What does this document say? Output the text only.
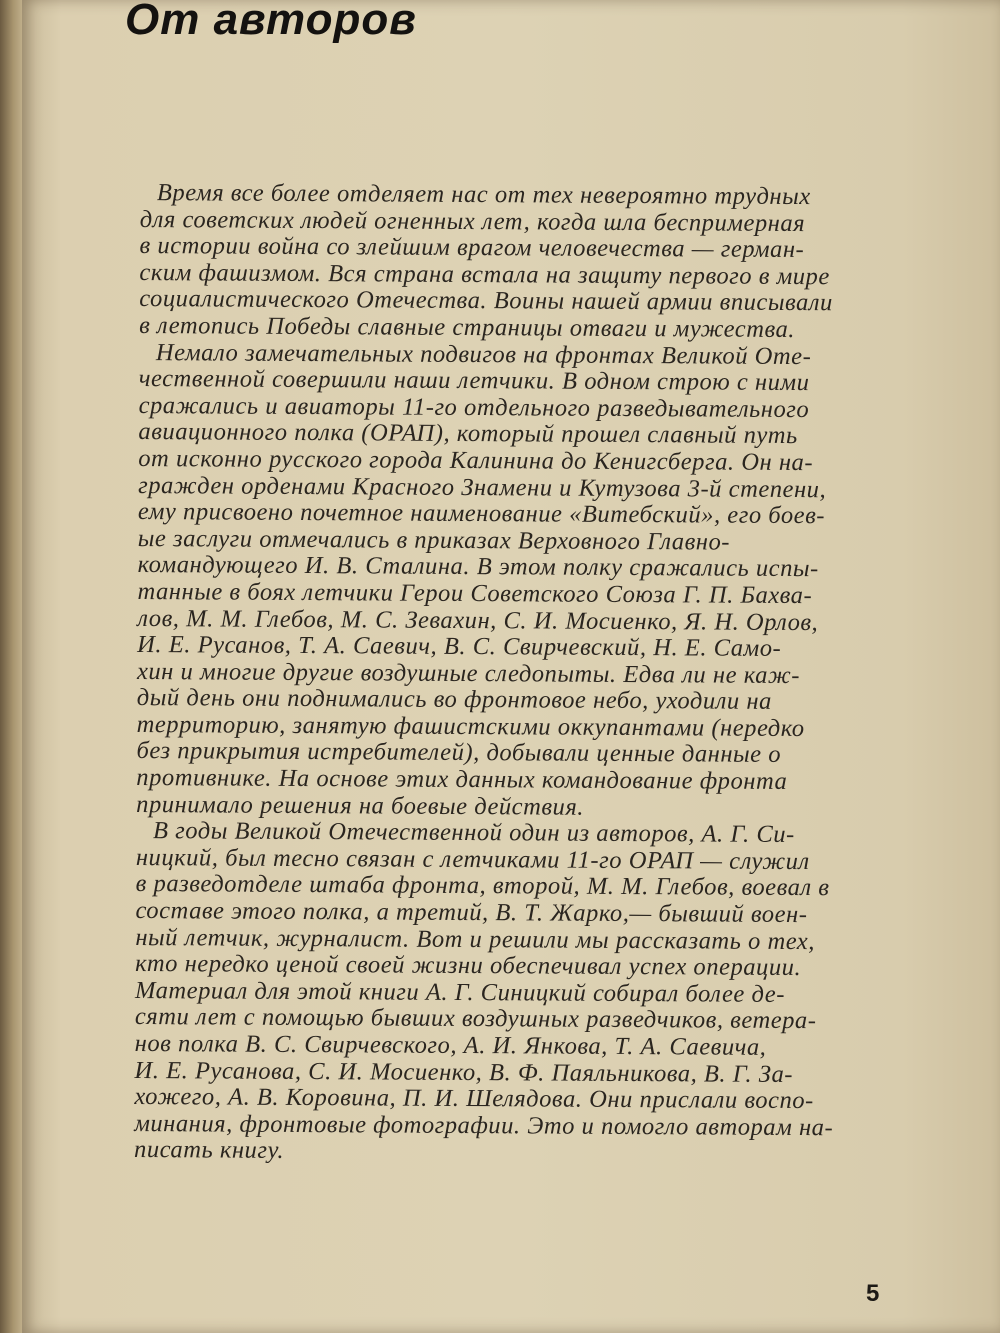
От авторов
Время все более отделяет нас от тех невероятно трудных
для советских людей огненных лет, когда шла беспримерная
в истории война со злейшим врагом человечества — герман-
ским фашизмом. Вся страна встала на защиту первого в мире
социалистического Отечества. Воины нашей армии вписывали
в летопись Победы славные страницы отваги и мужества.
Немало замечательных подвигов на фронтах Великой Оте-
чественной совершили наши летчики. В одном строю с ними
сражались и авиаторы 11-го отдельного разведывательного
авиационного полка (ОРАП), который прошел славный путь
от исконно русского города Калинина до Кенигсберга. Он на-
гражден орденами Красного Знамени и Кутузова 3-й степени,
ему присвоено почетное наименование «Витебский», его боев-
ые заслуги отмечались в приказах Верховного Главно-
командующего И. В. Сталина. В этом полку сражались испы-
танные в боях летчики Герои Советского Союза Г. П. Бахва-
лов, М. М. Глебов, М. С. Зевахин, С. И. Мосиенко, Я. Н. Орлов,
И. Е. Русанов, Т. А. Саевич, В. С. Свирчевский, Н. Е. Само-
хин и многие другие воздушные следопыты. Едва ли не каж-
дый день они поднимались во фронтовое небо, уходили на
территорию, занятую фашистскими оккупантами (нередко
без прикрытия истребителей), добывали ценные данные о
противнике. На основе этих данных командование фронта
принимало решения на боевые действия.
В годы Великой Отечественной один из авторов, А. Г. Си-
ницкий, был тесно связан с летчиками 11-го ОРАП — служил
в разведотделе штаба фронта, второй, М. М. Глебов, воевал в
составе этого полка, а третий, В. Т. Жарко,— бывший воен-
ный летчик, журналист. Вот и решили мы рассказать о тех,
кто нередко ценой своей жизни обеспечивал успех операции.
Материал для этой книги А. Г. Синицкий собирал более де-
сяти лет с помощью бывших воздушных разведчиков, ветера-
нов полка В. С. Свирчевского, А. И. Янкова, Т. А. Саевича,
И. Е. Русанова, С. И. Мосиенко, В. Ф. Паяльникова, В. Г. За-
хожего, А. В. Коровина, П. И. Шелядова. Они прислали воспо-
минания, фронтовые фотографии. Это и помогло авторам на-
писать книгу.
5
